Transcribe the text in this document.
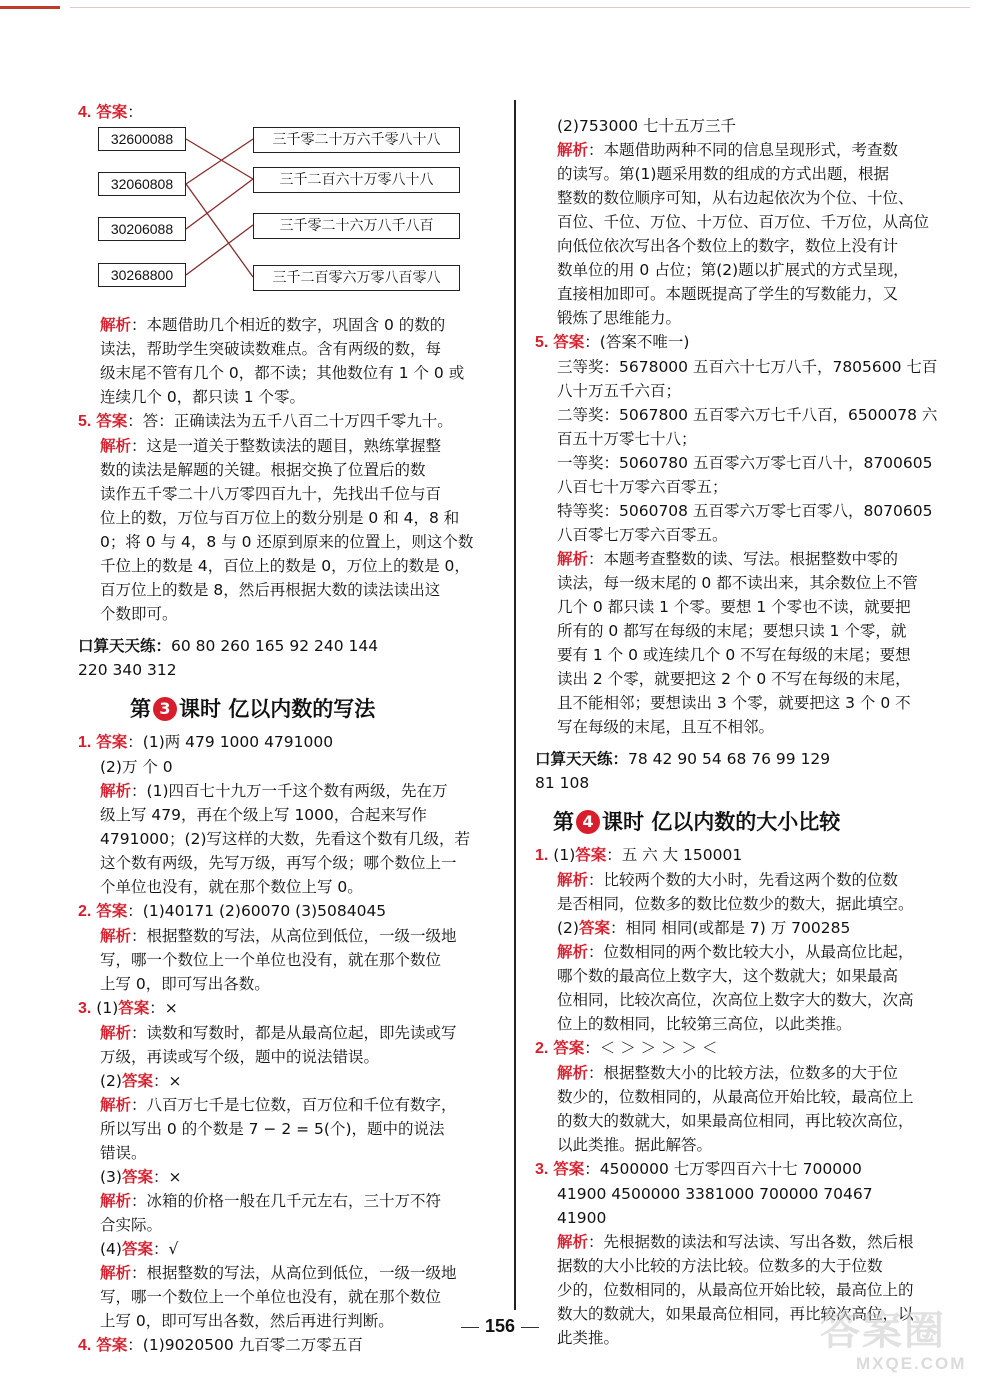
4. 答案：
32600088
32060808
30206088
30268800
三千零二十万六千零八十八
三千二百六十万零八十八
三千零二十六万八千八百
三千二百零六万零八百零八
解析：本题借助几个相近的数字，巩固含 0 的数的
读法，帮助学生突破读数难点。含有两级的数，每
级末尾不管有几个 0，都不读；其他数位有 1 个 0 或
连续几个 0，都只读 1 个零。
5. 答案：答：正确读法为五千八百二十万四千零九十。
解析：这是一道关于整数读法的题目，熟练掌握整
数的读法是解题的关键。根据交换了位置后的数
读作五千零二十八万零四百九十，先找出千位与百
位上的数，万位与百万位上的数分别是 0 和 4，8 和
0；将 0 与 4，8 与 0 还原到原来的位置上，则这个数
千位上的数是 4，百位上的数是 0，万位上的数是 0，
百万位上的数是 8，然后再根据大数的读法读出这
个数即可。
口算天天练：60 80 260 165 92 240 144
220 340 312
第 3 课时 亿以内数的写法
1. 答案：(1)两 479 1000 4791000
(2)万 个 0
解析：(1)四百七十九万一千这个数有两级，先在万
级上写 479，再在个级上写 1000，合起来写作
4791000；(2)写这样的大数，先看这个数有几级，若
这个数有两级，先写万级，再写个级；哪个数位上一
个单位也没有，就在那个数位上写 0。
2. 答案：(1)40171 (2)60070 (3)5084045
解析：根据整数的写法，从高位到低位，一级一级地
写，哪一个数位上一个单位也没有，就在那个数位
上写 0，即可写出各数。
3. (1)答案：×
解析：读数和写数时，都是从最高位起，即先读或写
万级，再读或写个级，题中的说法错误。
(2)答案：×
解析：八百万七千是七位数，百万位和千位有数字，
所以写出 0 的个数是 7 − 2 = 5(个)，题中的说法
错误。
(3)答案：×
解析：冰箱的价格一般在几千元左右，三十万不符
合实际。
(4)答案：√
解析：根据整数的写法，从高位到低位，一级一级地
写，哪一个数位上一个单位也没有，就在那个数位
上写 0，即可写出各数，然后再进行判断。
4. 答案：(1)9020500 九百零二万零五百
(2)753000 七十五万三千
解析：本题借助两种不同的信息呈现形式，考查数
的读写。第(1)题采用数的组成的方式出题，根据
整数的数位顺序可知，从右边起依次为个位、十位、
百位、千位、万位、十万位、百万位、千万位，从高位
向低位依次写出各个数位上的数字，数位上没有计
数单位的用 0 占位；第(2)题以扩展式的方式呈现，
直接相加即可。本题既提高了学生的写数能力，又
锻炼了思维能力。
5. 答案：(答案不唯一)
三等奖：5678000 五百六十七万八千，7805600 七百
八十万五千六百；
二等奖：5067800 五百零六万七千八百，6500078 六
百五十万零七十八；
一等奖：5060780 五百零六万零七百八十，8700605
八百七十万零六百零五；
特等奖：5060708 五百零六万零七百零八，8070605
八百零七万零六百零五。
解析：本题考查整数的读、写法。根据整数中零的
读法，每一级末尾的 0 都不读出来，其余数位上不管
几个 0 都只读 1 个零。要想 1 个零也不读，就要把
所有的 0 都写在每级的末尾；要想只读 1 个零，就
要有 1 个 0 或连续几个 0 不写在每级的末尾；要想
读出 2 个零，就要把这 2 个 0 不写在每级的末尾，
且不能相邻；要想读出 3 个零，就要把这 3 个 0 不
写在每级的末尾，且互不相邻。
口算天天练：78 42 90 54 68 76 99 129
81 108
第 4 课时 亿以内数的大小比较
1. (1)答案：五 六 大 150001
解析：比较两个数的大小时，先看这两个数的位数
是否相同，位数多的数比位数少的数大，据此填空。
(2)答案：相同 相同(或都是 7) 万 700285
解析：位数相同的两个数比较大小，从最高位比起，
哪个数的最高位上数字大，这个数就大；如果最高
位相同，比较次高位，次高位上数字大的数大，次高
位上的数相同，比较第三高位，以此类推。
2. 答案：＜ ＞ ＞ ＞ ＞ ＜
解析：根据整数大小的比较方法，位数多的大于位
数少的，位数相同的，从最高位开始比较，最高位上
的数大的数就大，如果最高位相同，再比较次高位，
以此类推。据此解答。
3. 答案：4500000 七万零四百六十七 700000
41900 4500000 3381000 700000 70467
41900
解析：先根据数的读法和写法读、写出各数，然后根
据数的大小比较的方法比较。位数多的大于位数
少的，位数相同的，从最高位开始比较，最高位上的
数大的数就大，如果最高位相同，再比较次高位，以
此类推。
156	答案圈
MXQE.COM
